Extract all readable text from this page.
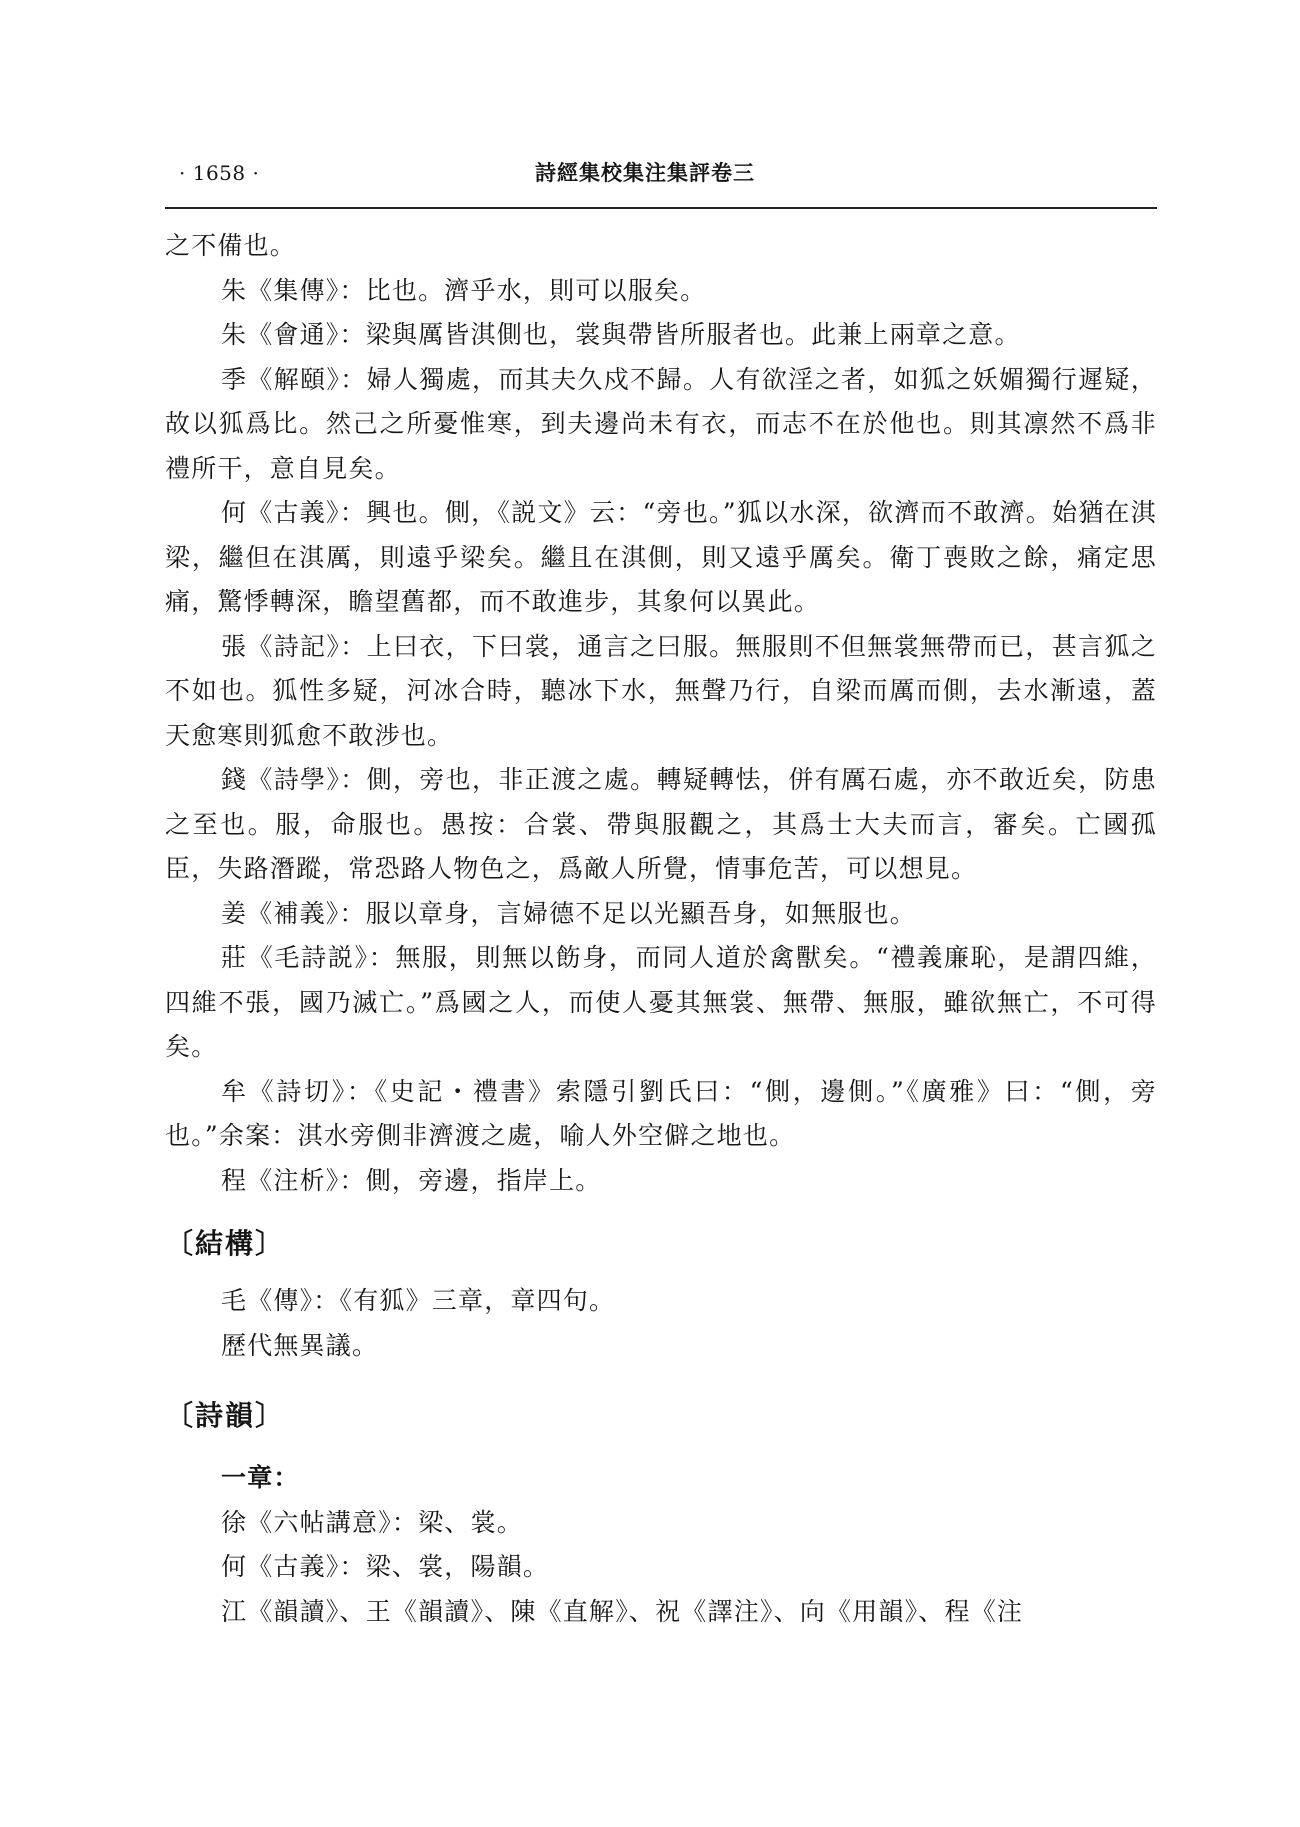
· 1658 ·	詩經集校集注集評卷三

之不備也。

朱《集傳》：比也。濟乎水，則可以服矣。

朱《會通》：梁與厲皆淇側也，裳與帶皆所服者也。此兼上兩章之意。

季《解頤》：婦人獨處，而其夫久戍不歸。人有欲淫之者，如狐之妖媚獨行遲疑，故以狐爲比。然己之所憂惟寒，到夫邊尚未有衣，而志不在於他也。則其凛然不爲非禮所干，意自見矣。

何《古義》：興也。側，《説文》云：“旁也。”狐以水深，欲濟而不敢濟。始猶在淇梁，繼但在淇厲，則遠乎梁矣。繼且在淇側，則又遠乎厲矣。衛丁喪敗之餘，痛定思痛，驚悸轉深，瞻望舊都，而不敢進步，其象何以異此。

張《詩記》：上曰衣，下曰裳，通言之曰服。無服則不但無裳無帶而已，甚言狐之不如也。狐性多疑，河冰合時，聽冰下水，無聲乃行，自梁而厲而側，去水漸遠，蓋天愈寒則狐愈不敢涉也。

錢《詩學》：側，旁也，非正渡之處。轉疑轉怯，併有厲石處，亦不敢近矣，防患之至也。服，命服也。愚按：合裳、帶與服觀之，其爲士大夫而言，審矣。亡國孤臣，失路潛蹤，常恐路人物色之，爲敵人所覺，情事危苦，可以想見。

姜《補義》：服以章身，言婦德不足以光顯吾身，如無服也。

莊《毛詩説》：無服，則無以飭身，而同人道於禽獸矣。“禮義廉恥，是謂四維，四維不張，國乃滅亡。”爲國之人，而使人憂其無裳、無帶、無服，雖欲無亡，不可得矣。

牟《詩切》：《史記・禮書》索隱引劉氏曰：“側，邊側。”《廣雅》曰：“側，旁也。”余案：淇水旁側非濟渡之處，喻人外空僻之地也。

程《注析》：側，旁邊，指岸上。

〔結構〕

毛《傳》：《有狐》三章，章四句。

歷代無異議。

〔詩韻〕

一章：

徐《六帖講意》：梁、裳。

何《古義》：梁、裳，陽韻。

江《韻讀》、王《韻讀》、陳《直解》、祝《譯注》、向《用韻》、程《注
